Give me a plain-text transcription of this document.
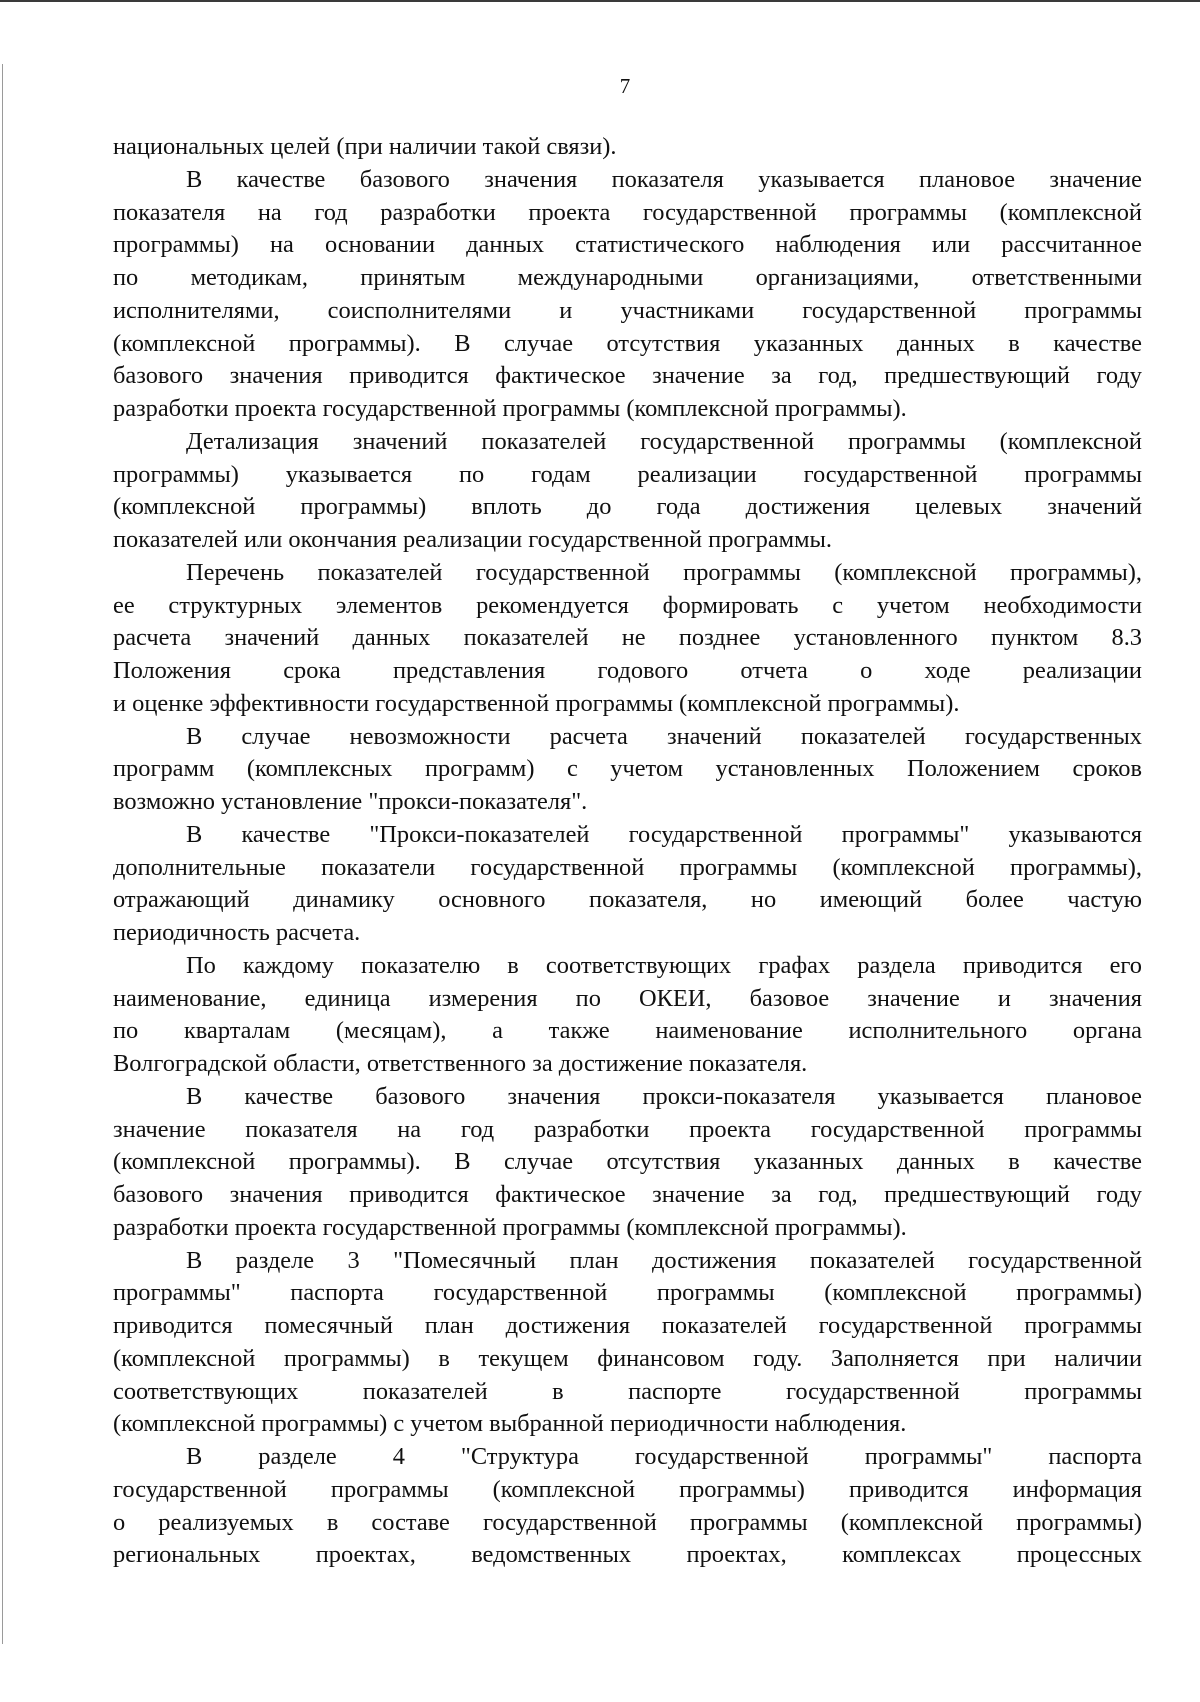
7
национальных целей (при наличии такой связи).
В качестве базового значения показателя указывается плановое значение
показателя на год разработки проекта государственной программы (комплексной
программы) на основании данных статистического наблюдения или рассчитанное
по методикам, принятым международными организациями, ответственными
исполнителями, соисполнителями и участниками государственной программы
(комплексной программы). В случае отсутствия указанных данных в качестве
базового значения приводится фактическое значение за год, предшествующий году
разработки проекта государственной программы (комплексной программы).
Детализация значений показателей государственной программы (комплексной
программы) указывается по годам реализации государственной программы
(комплексной программы) вплоть до года достижения целевых значений
показателей или окончания реализации государственной программы.
Перечень показателей государственной программы (комплексной программы),
ее структурных элементов рекомендуется формировать с учетом необходимости
расчета значений данных показателей не позднее установленного пунктом 8.3
Положения срока представления годового отчета о ходе реализации
и оценке эффективности государственной программы (комплексной программы).
В случае невозможности расчета значений показателей государственных
программ (комплексных программ) с учетом установленных Положением сроков
возможно установление "прокси-показателя".
В качестве "Прокси-показателей государственной программы" указываются
дополнительные показатели государственной программы (комплексной программы),
отражающий динамику основного показателя, но имеющий более частую
периодичность расчета.
По каждому показателю в соответствующих графах раздела приводится его
наименование, единица измерения по ОКЕИ, базовое значение и значения
по кварталам (месяцам), а также наименование исполнительного органа
Волгоградской области, ответственного за достижение показателя.
В качестве базового значения прокси-показателя указывается плановое
значение показателя на год разработки проекта государственной программы
(комплексной программы). В случае отсутствия указанных данных в качестве
базового значения приводится фактическое значение за год, предшествующий году
разработки проекта государственной программы (комплексной программы).
В разделе 3 "Помесячный план достижения показателей государственной
программы" паспорта государственной программы (комплексной программы)
приводится помесячный план достижения показателей государственной программы
(комплексной программы) в текущем финансовом году. Заполняется при наличии
соответствующих показателей в паспорте государственной программы
(комплексной программы) с учетом выбранной периодичности наблюдения.
В разделе 4 "Структура государственной программы" паспорта
государственной программы (комплексной программы) приводится информация
о реализуемых в составе государственной программы (комплексной программы)
региональных проектах, ведомственных проектах, комплексах процессных
